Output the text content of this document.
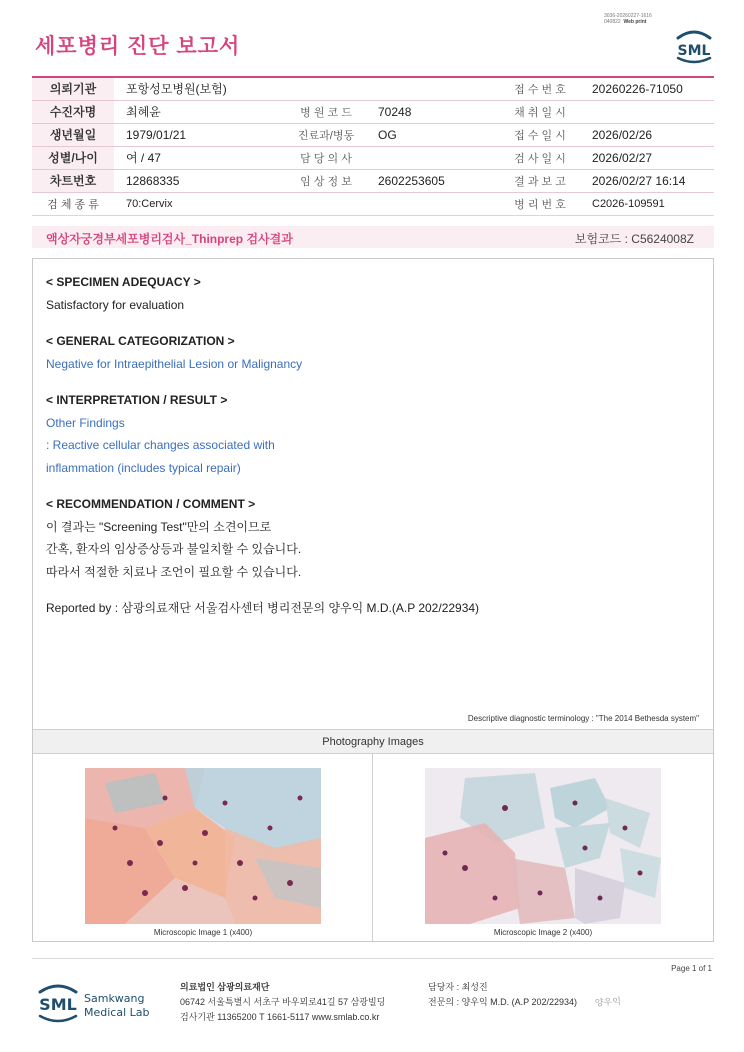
3036-20260227-1616
040822 Web print
세포병리 진단 보고서	SML
의뢰기관	포항성모병원(보험)			접 수 번 호	20260226-71050
수진자명	최혜윤	병 원 코 드	70248	채 취 일 시	
생년월일	1979/01/21	진료과/병동	OG	접 수 일 시	2026/02/26
성별/나이	여 / 47	담 당 의 사		검 사 일 시	2026/02/27
차트번호	12868335	임 상 정 보	2602253605	결 과 보 고	2026/02/27 16:14
검 체 종 류	70:Cervix			병 리 번 호	C2026-109591
액상자궁경부세포병리검사_Thinprep 검사결과	보험코드 : C5624008Z
< SPECIMEN ADEQUACY >
Satisfactory for evaluation
< GENERAL CATEGORIZATION >
Negative for Intraepithelial Lesion or Malignancy
< INTERPRETATION / RESULT >
Other Findings
: Reactive cellular changes associated with
inflammation (includes typical repair)
< RECOMMENDATION / COMMENT >
이 결과는 "Screening Test"만의 소견이므로
간혹, 환자의 임상증상등과 불일치할 수 있습니다.
따라서 적절한 치료나 조언이 필요할 수 있습니다.
Reported by : 삼광의료재단 서울검사센터 병리전문의 양우익 M.D.(A.P 202/22934)
Descriptive diagnostic terminology : "The 2014 Bethesda system"
Photography Images
Microscopic Image 1 (x400)	Microscopic Image 2 (x400)
Page 1 of 1
SML Samkwang
Medical Lab
의료법인 삼광의료재단
06742 서울특별시 서초구 바우뫼로41길 57 삼광빌딩
검사기관 11365200 T 1661-5117 www.smlab.co.kr
담당자 : 최성진
전문의 : 양우익 M.D. (A.P 202/22934) 양우익
